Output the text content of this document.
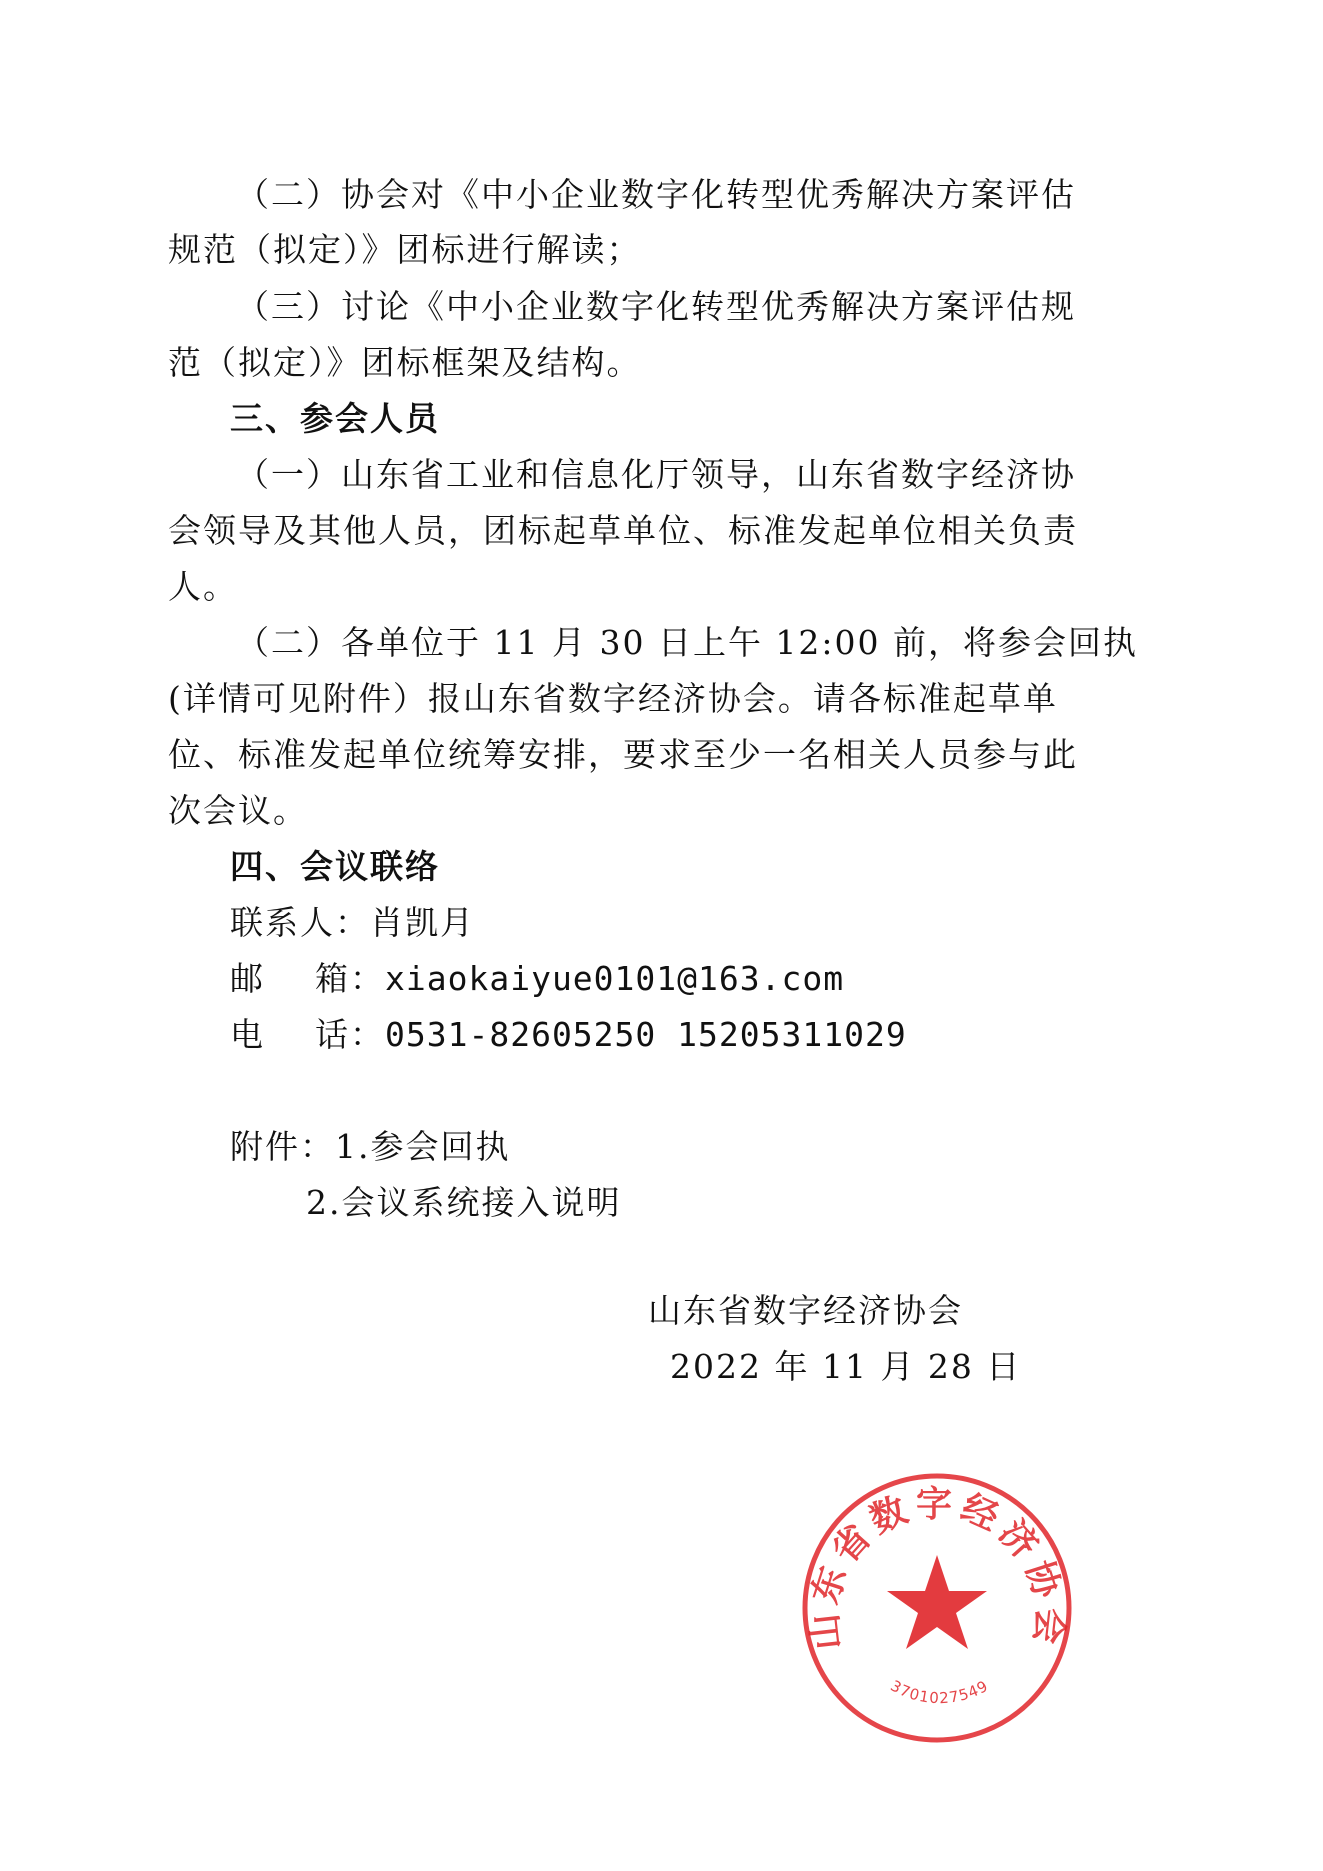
（二）协会对《中小企业数字化转型优秀解决方案评估
规范（拟定）》团标进行解读；
（三）讨论《中小企业数字化转型优秀解决方案评估规
范（拟定）》团标框架及结构。
三、参会人员
（一）山东省工业和信息化厅领导，山东省数字经济协
会领导及其他人员，团标起草单位、标准发起单位相关负责
人。
（二）各单位于 11 月 30 日上午 12:00 前，将参会回执
(详情可见附件）报山东省数字经济协会。请各标准起草单
位、标准发起单位统筹安排，要求至少一名相关人员参与此
次会议。
四、会议联络
联系人：肖凯月
邮箱：xiaokaiyue0101@163.com
电话：0531-82605250 15205311029
附件：1.参会回执
2.会议系统接入说明
山东省数字经济协会
3701027549
山东省数字经济协会
2022 年 11 月 28 日
